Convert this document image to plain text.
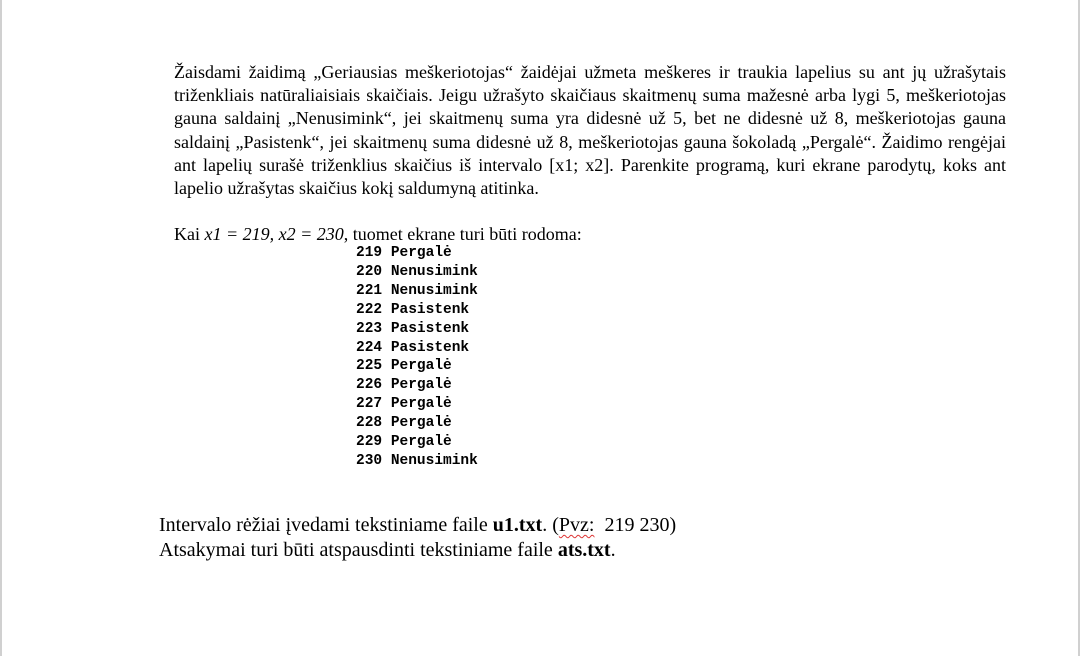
Žaisdami žaidimą „Geriausias meškeriotojas“ žaidėjai užmeta meškeres ir traukia lapelius su ant jų užrašytais triženkliais natūraliaisiais skaičiais. Jeigu užrašyto skaičiaus skaitmenų suma mažesnė arba lygi 5, meškeriotojas gauna saldainį „Nenusimink“, jei skaitmenų suma yra didesnė už 5, bet ne didesnė už 8, meškeriotojas gauna saldainį „Pasistenk“, jei skaitmenų suma didesnė už 8, meškeriotojas gauna šokoladą „Pergalė“. Žaidimo rengėjai ant lapelių surašė triženklius skaičius iš intervalo [x1; x2]. Parenkite programą, kuri ekrane parodytų, koks ant lapelio užrašytas skaičius kokį saldumyną atitinka.

Kai x1 = 219, x2 = 230, tuomet ekrane turi būti rodoma:
219 Pergalė
220 Nenusimink
221 Nenusimink
222 Pasistenk
223 Pasistenk
224 Pasistenk
225 Pergalė
226 Pergalė
227 Pergalė
228 Pergalė
229 Pergalė
230 Nenusimink
Intervalo rėžiai įvedami tekstiniame faile u1.txt. (Pvz:  219 230)
Atsakymai turi būti atspausdinti tekstiniame faile ats.txt.
